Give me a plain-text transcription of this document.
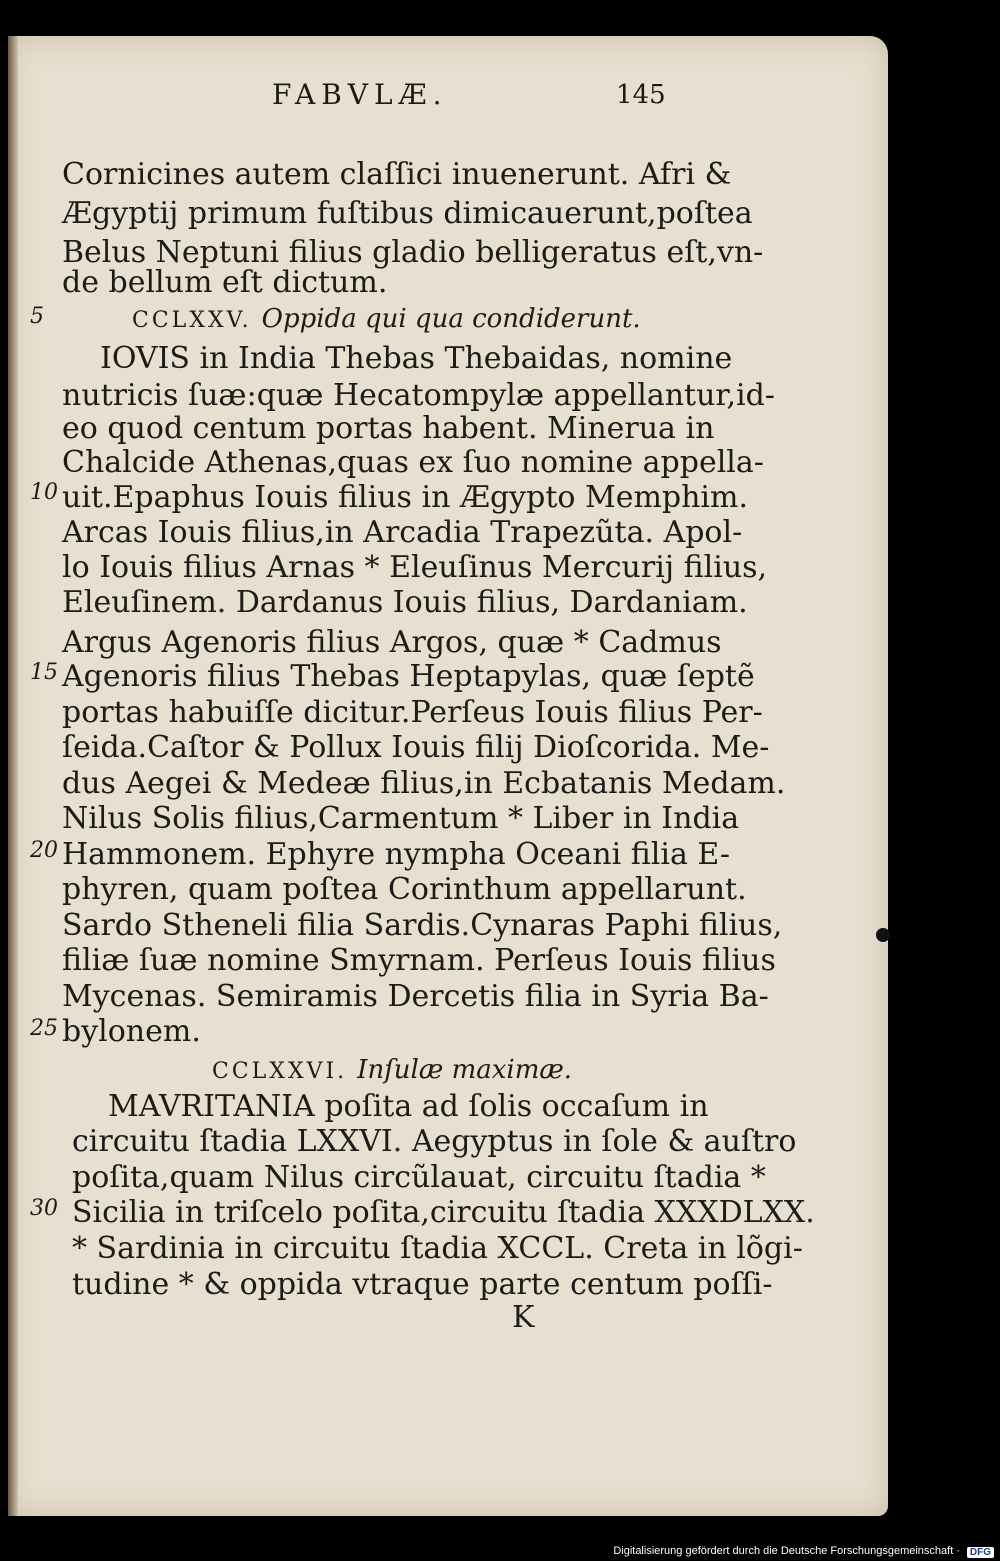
FABVLÆ.	145
Cornicines autem claſſici inuenerunt. Afri &
Ægyptij primum fuſtibus dimicauerunt,poſtea
Belus Neptuni filius gladio belligeratus eſt,vn-
de bellum eſt dictum.
CCLXXV. Oppida qui qua condiderunt.
IOVIS in India Thebas Thebaidas, nomine
nutricis ſuæ:quæ Hecatompylæ appellantur,id-
eo quod centum portas habent. Minerua in
Chalcide Athenas,quas ex ſuo nomine appella-
uit.Epaphus Iouis filius in Ægypto Memphim.
Arcas Iouis filius,in Arcadia Trapezũta. Apol-
lo Iouis filius Arnas * Eleuſinus Mercurij filius,
Eleuſinem. Dardanus Iouis filius, Dardaniam.
Argus Agenoris filius Argos, quæ * Cadmus
Agenoris filius Thebas Heptapylas, quæ ſeptẽ
portas habuiſſe dicitur.Perſeus Iouis filius Per-
ſeida.Caſtor & Pollux Iouis filij Dioſcorida. Me-
dus Aegei & Medeæ filius,in Ecbatanis Medam.
Nilus Solis filius,Carmentum * Liber in India
Hammonem. Ephyre nympha Oceani filia E-
phyren, quam poſtea Corinthum appellarunt.
Sardo Stheneli filia Sardis.Cynaras Paphi filius,
filiæ ſuæ nomine Smyrnam. Perſeus Iouis filius
Mycenas. Semiramis Dercetis filia in Syria Ba-
bylonem.
CCLXXVI. Inſulæ maximæ.
MAVRITANIA poſita ad ſolis occaſum in
circuitu ſtadia LXXVI. Aegyptus in ſole & auſtro
poſita,quam Nilus circũlauat, circuitu ſtadia *
Sicilia in triſcelo poſita,circuitu ſtadia XXXDLXX.
* Sardinia in circuitu ſtadia XCCL. Creta in lõgi-
tudine * & oppida vtraque parte centum poſſi-
5
10
15
20
25
30
K
Digitalisierung gefördert durch die Deutsche Forschungsgemeinschaft · DFG
